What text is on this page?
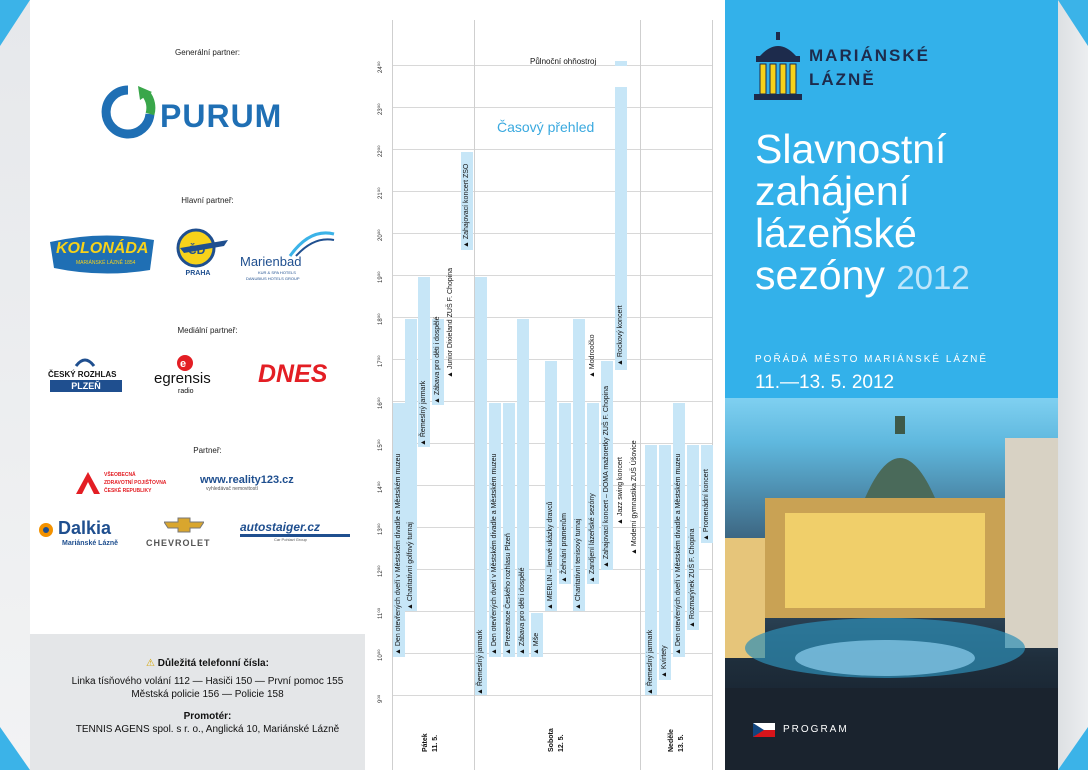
Generální partner:
PURUM
Hlavní partneř:
KOLONÁDA
MARIÁNSKÉ LÁZNĚ 1854
ČD
PRAHA
Marienbad
KUR & SPA HOTELS
DANUBIUS HOTELS GROUP
Mediální partneř:
ČESKÝ ROZHLAS
PLZEŇ
e
egrensis
radio
DNES
Partneř:
VŠEOBECNÁ
ZDRAVOTNÍ POJIŠŤOVNA
ČESKÉ REPUBLIKY
www.reality123.cz
vyhledávač nemovitostí
Dalkia
Mariánské Lázně	CHEVROLET
autostaiger.cz
Car Pohlavi Group
⚠ Důležitá telefonní čísla:
Linka tísňového volání 112 — Hasiči 150 — První pomoc 155
Městská policie 156 — Policie 158
Promotér:
TENNIS AGENS spol. s r. o., Anglická 10, Mariánské Lázně
24⁰⁰
23⁰⁰
22⁰⁰
21⁰⁰
20⁰⁰
19⁰⁰
18⁰⁰
17⁰⁰
16⁰⁰
15⁰⁰
14⁰⁰
13⁰⁰
12⁰⁰
11⁰⁰
10⁰⁰
9⁰⁰
▲ Den otevřených dveří v Městském divadle a Městském muzeu ▲ Charitativní golfový turnaj
▲ Řemeslný jarmark
▲ Zábava pro děti i dospělé ▲ Junior Dixieland ZUŠ F. Chopina
▲ Zahajovací koncert ZSO
▲ Řemeslný jarmark
▲ Den otevřených dveří v Městském divadle a Městském muzeu ▲ Prezentace Českého rozhlasu Plzeň ▲ Zábava pro děti i dospělé ▲ Mše
▲ MERLIN – letové ukázky dravců ▲ Žehnání pramenům ▲ Charitativní tenisový turnaj ▲ Zandjení lázeňské sezóny ▲ Zahajovací koncert – DOMA mažoretky ZUŠ F. Chopina
▲ Modroočko
▲ Jazz swing koncert ▲ Moderní gymnastika ZUŠ Úšovice
▲ Rockový koncert
▲ Řemeslný jarmark ▲ Kvírtety
▲ Den otevřených dveří v Městském divadle a Městském muzeu ▲ Rozmarýnek ZUŠ F. Chopina
▲ Promenádní koncert
Pátek 11. 5.	Sobota 12. 5.	Neděle 13. 5.
Časový přehled
Půlnoční ohňostroj	MARIÁNSKÉ
LÁZNĚ
Slavnostní
zahájení
lázeňské
sezóny 2012
POŘÁDÁ MĚSTO MARIÁNSKÉ LÁZNĚ
11.—13. 5. 2012
PROGRAM
